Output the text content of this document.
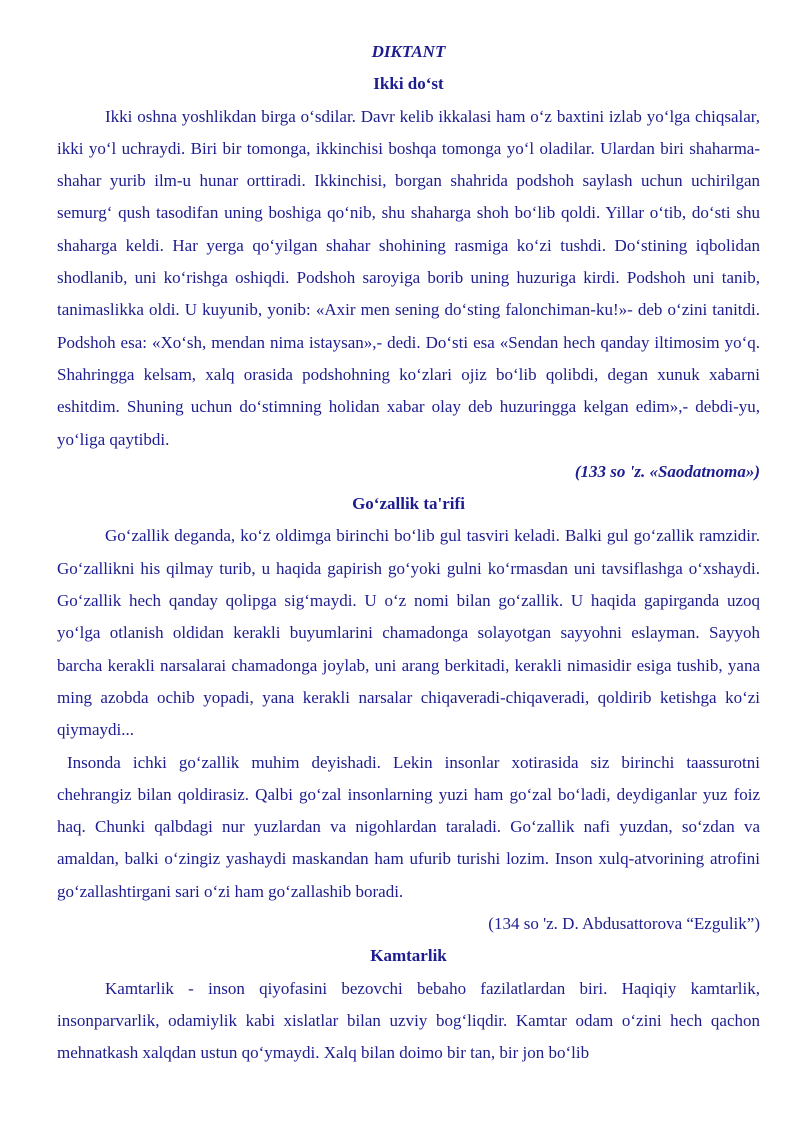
DIKTANT

Ikki do‘st

Ikki oshna yoshlikdan birga o‘sdilar. Davr kelib ikkalasi ham o‘z baxtini izlab yo‘lga chiqsalar, ikki yo‘l uchraydi. Biri bir tomonga, ikkinchisi boshqa tomonga yo‘l oladilar. Ulardan biri shaharma-shahar yurib ilm-u hunar orttiradi. Ikkinchisi, borgan shahrida podshoh saylash uchun uchirilgan semurg‘ qush tasodifan uning boshiga qo‘nib, shu shaharga shoh bo‘lib qoldi. Yillar o‘tib, do‘sti shu shaharga keldi. Har yerga qo‘yilgan shahar shohining rasmiga ko‘zi tushdi. Do‘stining iqbolidan shodlanib, uni ko‘rishga oshiqdi. Podshoh saroyiga borib uning huzuriga kirdi. Podshoh uni tanib, tanimaslikka oldi. U kuyunib, yonib: «Axir men sening do‘sting falonchiman-ku!»- deb o‘zini tanitdi. Podshoh esa: «Xo‘sh, mendan nima istaysan»,- dedi. Do‘sti esa «Sendan hech qanday iltimosim yo‘q. Shahringga kelsam, xalq orasida podshohning ko‘zlari ojiz bo‘lib qolibdi, degan xunuk xabarni eshitdim. Shuning uchun do‘stimning holidan xabar olay deb huzuringga kelgan edim»,- debdi-yu, yo‘liga qaytibdi.

(133 so 'z. «Saodatnoma»)

Go‘zallik ta'rifi

Go‘zallik deganda, ko‘z oldimga birinchi bo‘lib gul tasviri keladi. Balki gul go‘zallik ramzidir. Go‘zallikni his qilmay turib, u haqida gapirish go‘yoki gulni ko‘rmasdan uni tavsiflashga o‘xshaydi. Go‘zallik hech qanday qolipga sig‘maydi. U o‘z nomi bilan go‘zallik. U haqida gapirganda uzoq yo‘lga otlanish oldidan kerakli buyumlarini chamadonga solayotgan sayyohni eslayman. Sayyoh barcha kerakli narsalarai chamadonga joylab, uni arang berkitadi, kerakli nimasidir esiga tushib, yana ming azobda ochib yopadi, yana kerakli narsalar chiqaveradi-chiqaveradi, qoldirib ketishga ko‘zi qiymaydi...

Insonda ichki go‘zallik muhim deyishadi. Lekin insonlar xotirasida siz birinchi taassurotni chehrangiz bilan qoldirasiz. Qalbi go‘zal insonlarning yuzi ham go‘zal bo‘ladi, deydiganlar yuz foiz haq. Chunki qalbdagi nur yuzlardan va nigohlardan taraladi. Go‘zallik nafi yuzdan, so‘zdan va amaldan, balki o‘zingiz yashaydi maskandan ham ufurib turishi lozim. Inson xulq-atvorining atrofini go‘zallashtirgani sari o‘zi ham go‘zallashib boradi.

(134 so 'z. D. Abdusattorova “Ezgulik”)

Kamtarlik

Kamtarlik - inson qiyofasini bezovchi bebaho fazilatlardan biri. Haqiqiy kamtarlik, insonparvarlik, odamiylik kabi xislatlar bilan uzviy bog‘liqdir. Kamtar odam o‘zini hech qachon mehnatkash xalqdan ustun qo‘ymaydi. Xalq bilan doimo bir tan, bir jon bo‘lib
